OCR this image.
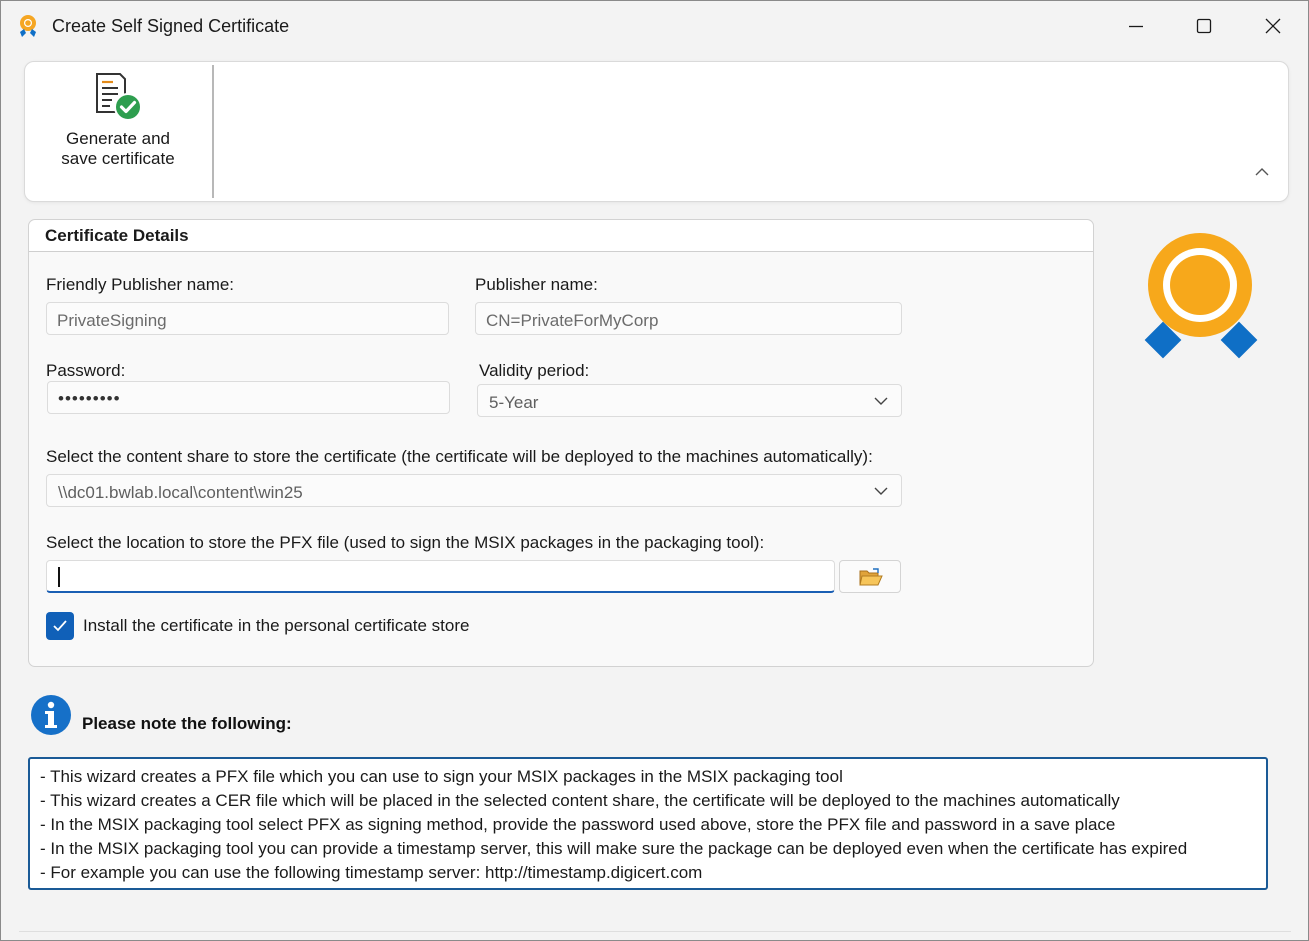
Create Self Signed Certificate
Generate and
save certificate
Certificate Details
Friendly Publisher name:
PrivateSigning
Publisher name:
CN=PrivateForMyCorp
Password:
•••••••••
Validity period:
5-Year
Select the content share to store the certificate (the certificate will be deployed to the machines automatically):
\\dc01.bwlab.local\content\win25
Select the location to store the PFX file (used to sign the MSIX packages in the packaging tool):
Install the certificate in the personal certificate store
Please note the following:
- This wizard creates a PFX file which you can use to sign your MSIX packages in the MSIX packaging tool
- This wizard creates a CER file which will be placed in the selected content share, the certificate will be deployed to the machines automatically
- In the MSIX packaging tool select PFX as signing method, provide the password used above, store the PFX file and password in a save place
- In the MSIX packaging tool you can provide a timestamp server, this will make sure the package can be deployed even when the certificate has expired
- For example you can use the following timestamp server: http://timestamp.digicert.com
